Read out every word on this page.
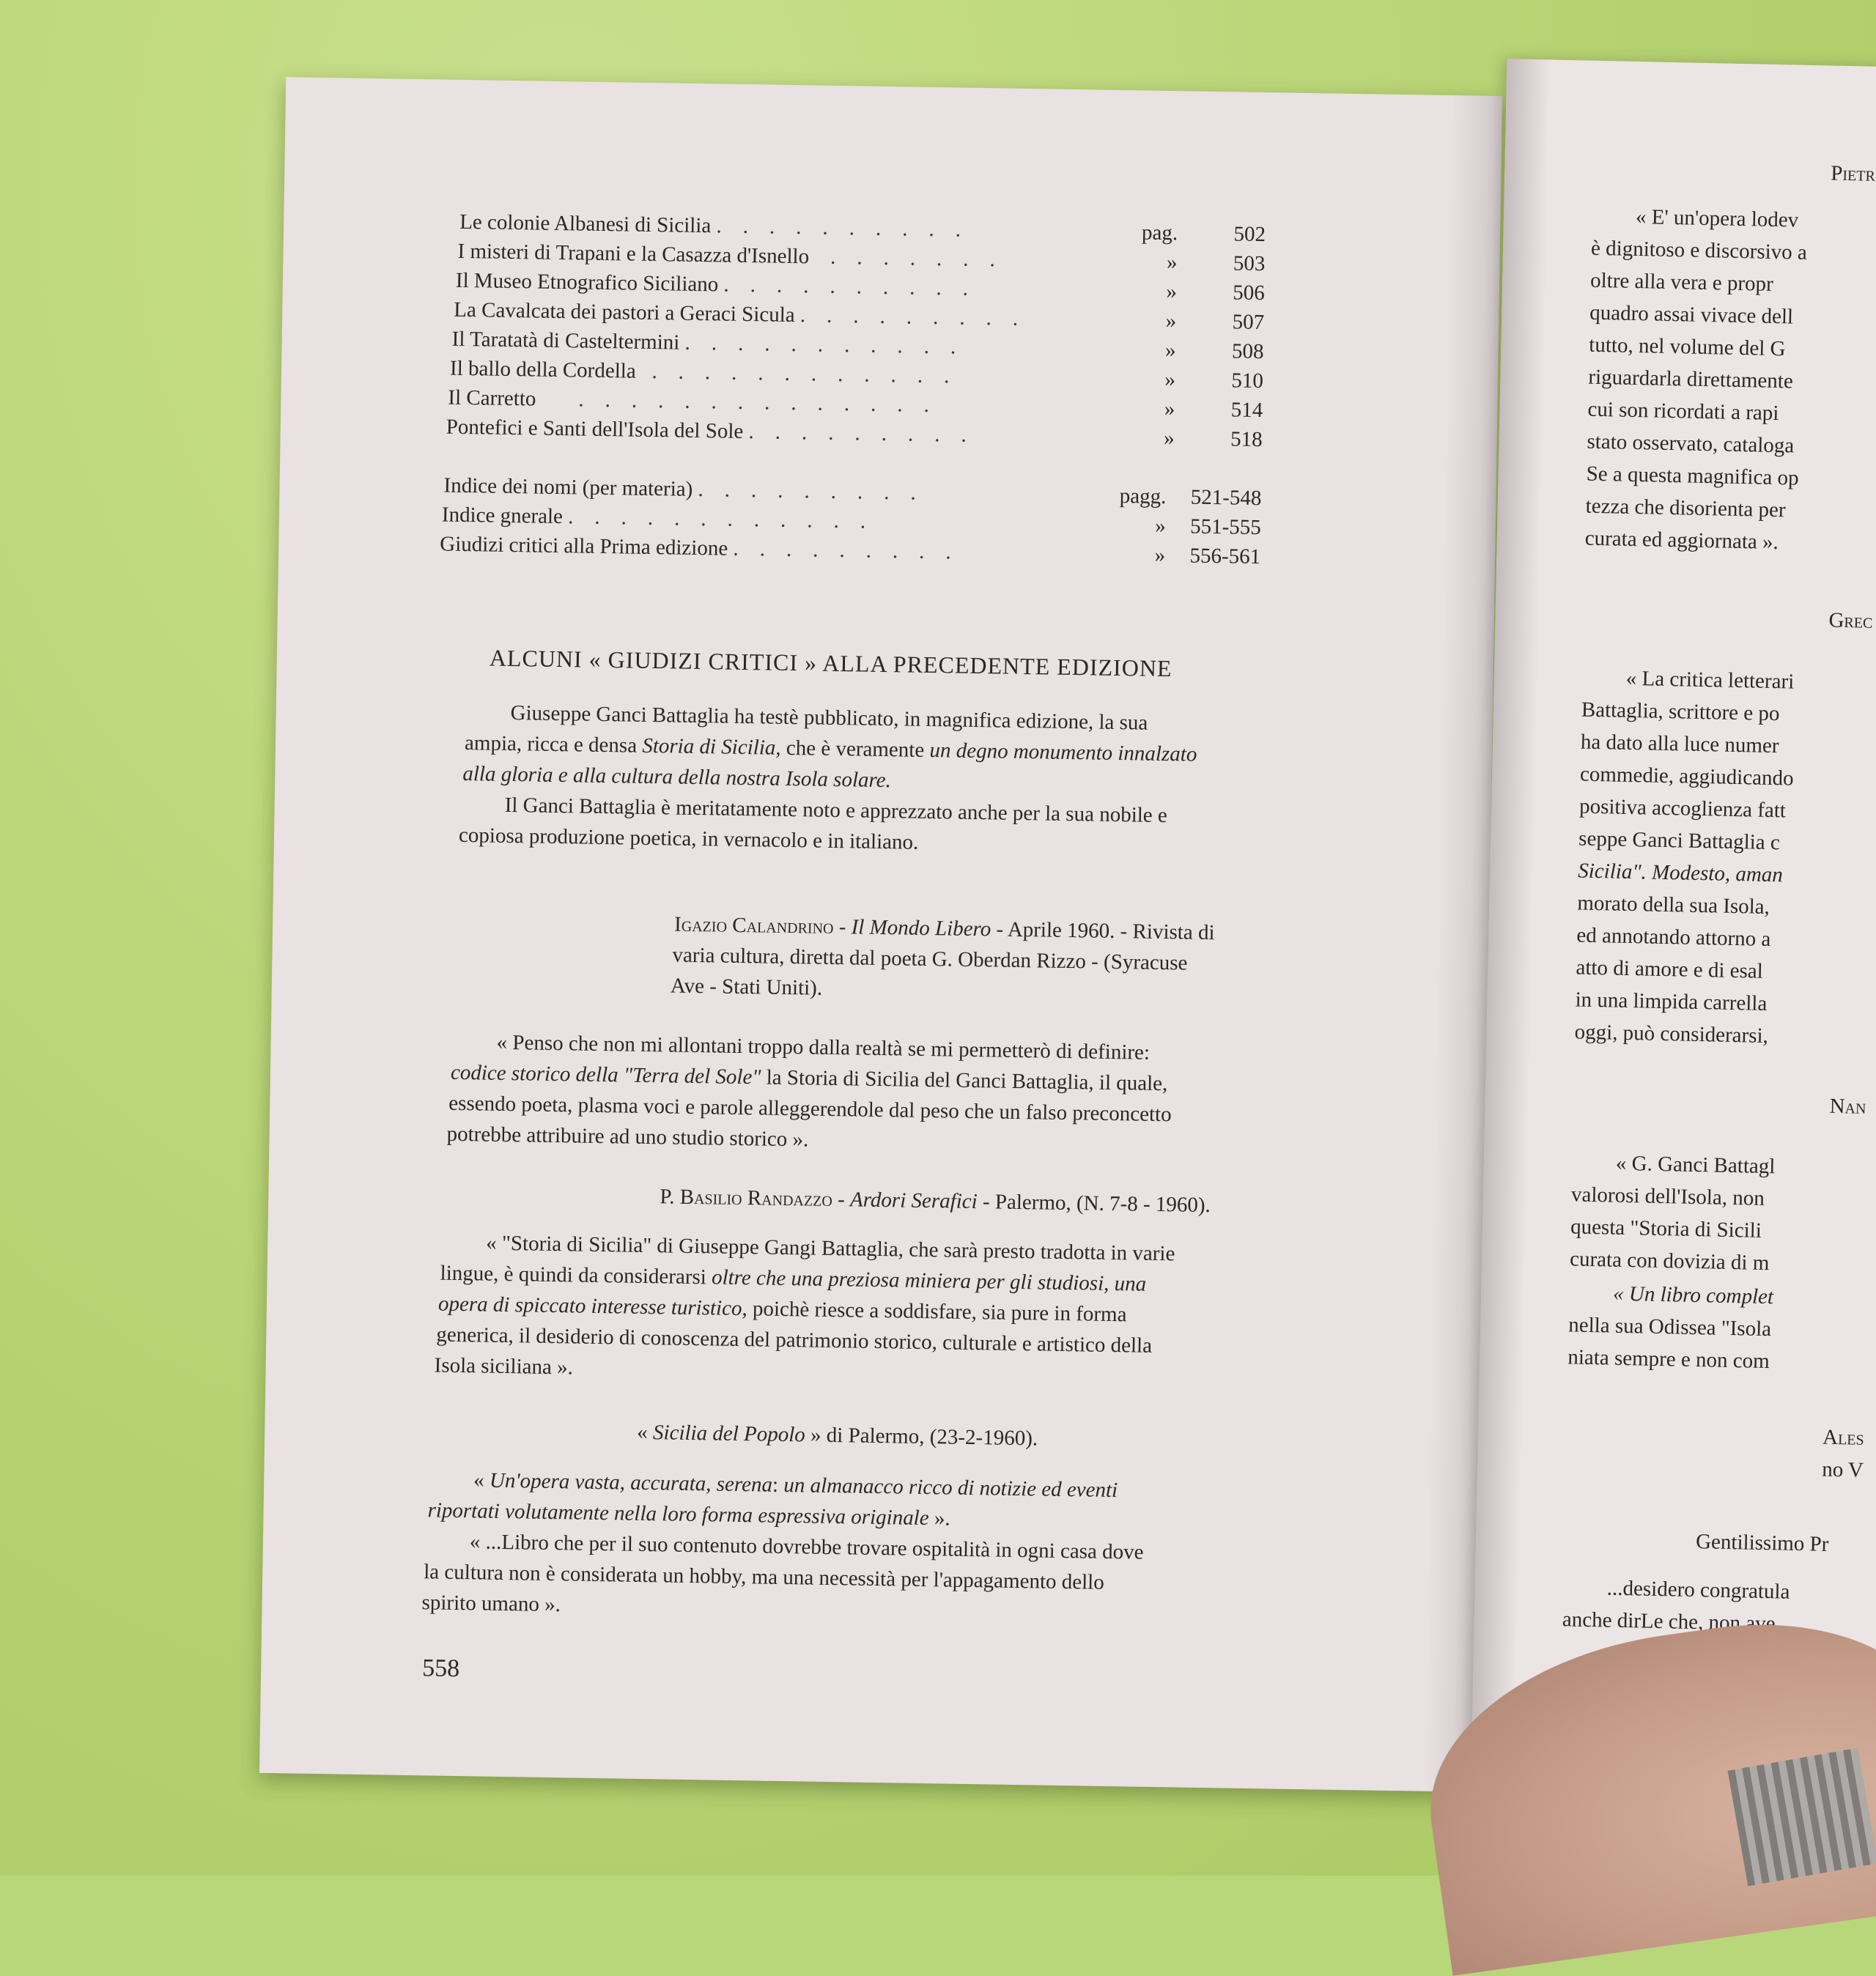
Le colonie Albanesi di Sicilia .    .    .    .    .    .    .    .    .    .	pag.	502
I misteri di Trapani e la Casazza d'Isnello    .    .    .    .    .    .    .	»	503
Il Museo Etnografico Siciliano .    .    .    .    .    .    .    .    .    .	»	506
La Cavalcata dei pastori a Geraci Sicula .    .    .    .    .    .    .    .    .	»	507
Il Taratatà di Casteltermini .    .    .    .    .    .    .    .    .    .    .	»	508
Il ballo della Cordella   .    .    .    .    .    .    .    .    .    .    .    .	»	510
Il Carretto        .    .    .    .    .    .    .    .    .    .    .    .    .    .	»	514
Pontefici e Santi dell'Isola del Sole .    .    .    .    .    .    .    .    .	»	518
Indice dei nomi (per materia) .    .    .    .    .    .    .    .    .	pagg.	521-548
Indice gnerale .    .    .    .    .    .    .    .    .    .    .    .	»	551-555
Giudizi critici alla Prima edizione .    .    .    .    .    .    .    .    .	»	556-561
ALCUNI « GIUDIZI CRITICI » ALLA PRECEDENTE EDIZIONE
Giuseppe Ganci Battaglia ha testè pubblicato, in magnifica edizione, la sua
ampia, ricca e densa Storia di Sicilia, che è veramente un degno monumento innalzato
alla gloria e alla cultura della nostra Isola solare.
Il Ganci Battaglia è meritatamente noto e apprezzato anche per la sua nobile e
copiosa produzione poetica, in vernacolo e in italiano.
Igazio Calandrino - Il Mondo Libero - Aprile 1960. - Rivista di
varia cultura, diretta dal poeta G. Oberdan Rizzo - (Syracuse
Ave - Stati Uniti).
« Penso che non mi allontani troppo dalla realtà se mi permetterò di definire:
codice storico della "Terra del Sole" la Storia di Sicilia del Ganci Battaglia, il quale,
essendo poeta, plasma voci e parole alleggerendole dal peso che un falso preconcetto
potrebbe attribuire ad uno studio storico ».
P. Basilio Randazzo - Ardori Serafici - Palermo, (N. 7-8 - 1960).
« "Storia di Sicilia" di Giuseppe Gangi Battaglia, che sarà presto tradotta in varie
lingue, è quindi da considerarsi oltre che una preziosa miniera per gli studiosi, una
opera di spiccato interesse turistico, poichè riesce a soddisfare, sia pure in forma
generica, il desiderio di conoscenza del patrimonio storico, culturale e artistico della
Isola siciliana ».
« Sicilia del Popolo » di Palermo, (23-2-1960).
« Un'opera vasta, accurata, serena: un almanacco ricco di notizie ed eventi
riportati volutamente nella loro forma espressiva originale ».
« ...Libro che per il suo contenuto dovrebbe trovare ospitalità in ogni casa dove
la cultura non è considerata un hobby, ma una necessità per l'appagamento dello
spirito umano ».
558
Pietr
« E' un'opera lodev
è dignitoso e discorsivo a
oltre alla vera e propr
quadro assai vivace dell
tutto, nel volume del G
riguardarla direttamente
cui son ricordati a rapi
stato osservato, cataloga
Se a questa magnifica op
tezza che disorienta per
curata ed aggiornata ».
Grec
« La critica letterari
Battaglia, scrittore e po
ha dato alla luce numer
commedie, aggiudicando
positiva accoglienza fatt
seppe Ganci Battaglia c
Sicilia". Modesto, aman
morato della sua Isola,
ed annotando attorno a
atto di amore e di esal
in una limpida carrella
oggi, può considerarsi,
Nan
« G. Ganci Battagl
valorosi dell'Isola, non
questa "Storia di Sicili
curata con dovizia di m
« Un libro complet
nella sua Odissea "Isola
niata sempre e non com
Ales
no V
Gentilissimo Pr
...desidero congratula
anche dirLe che, non ave
